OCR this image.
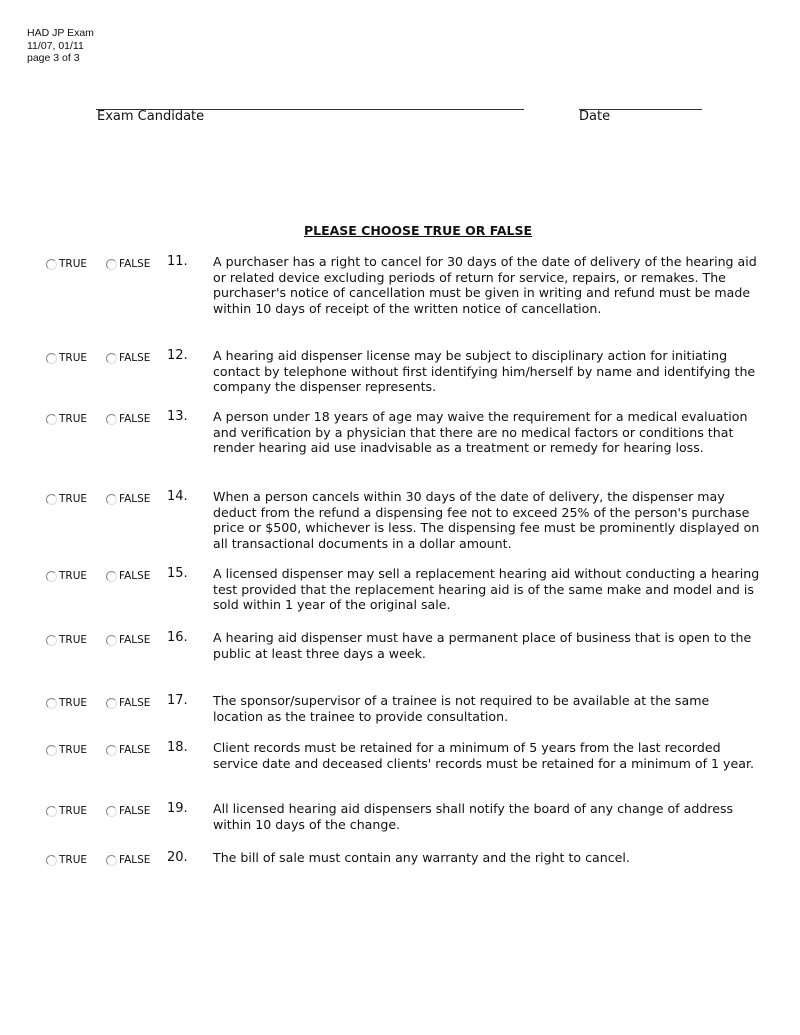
HAD JP Exam
11/07, 01/11
page 3 of 3
Exam Candidate	Date
PLEASE CHOOSE TRUE OR FALSE
TRUE	FALSE 11. A purchaser has a right to cancel for 30 days of the date of delivery of the hearing aid or related device excluding periods of return for service, repairs, or remakes. The purchaser's notice of cancellation must be given in writing and refund must be made within 10 days of receipt of the written notice of cancellation.
TRUE	FALSE 12. A hearing aid dispenser license may be subject to disciplinary action for initiating contact by telephone without first identifying him/herself by name and identifying the company the dispenser represents.
TRUE	FALSE 13. A person under 18 years of age may waive the requirement for a medical evaluation and verification by a physician that there are no medical factors or conditions that render hearing aid use inadvisable as a treatment or remedy for hearing loss.
TRUE	FALSE 14. When a person cancels within 30 days of the date of delivery, the dispenser may deduct from the refund a dispensing fee not to exceed 25% of the person's purchase price or $500, whichever is less. The dispensing fee must be prominently displayed on all transactional documents in a dollar amount.
TRUE	FALSE 15. A licensed dispenser may sell a replacement hearing aid without conducting a hearing test provided that the replacement hearing aid is of the same make and model and is sold within 1 year of the original sale.
TRUE	FALSE 16. A hearing aid dispenser must have a permanent place of business that is open to the public at least three days a week.
TRUE	FALSE 17. The sponsor/supervisor of a trainee is not required to be available at the same location as the trainee to provide consultation.
TRUE	FALSE 18. Client records must be retained for a minimum of 5 years from the last recorded service date and deceased clients' records must be retained for a minimum of 1 year.
TRUE	FALSE 19. All licensed hearing aid dispensers shall notify the board of any change of address within 10 days of the change.
TRUE	FALSE 20. The bill of sale must contain any warranty and the right to cancel.
